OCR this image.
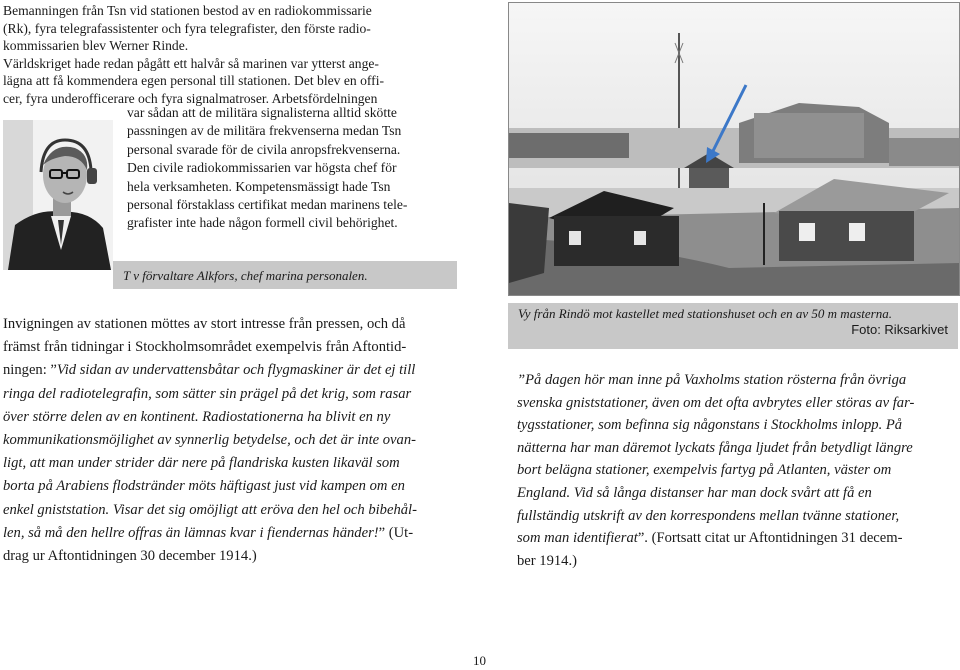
Bemanningen från Tsn vid stationen bestod av en radiokommissarie
(Rk), fyra telegrafassistenter och fyra telegrafister, den förste radio-
kommissarien blev Werner Rinde.
Världskriget hade redan pågått ett halvår så marinen var ytterst ange-
lägna att få kommendera egen personal till stationen. Det blev en offi-
cer, fyra underofficerare och fyra signalmatroser. Arbetsfördelningen
var sådan att de militära signalisterna alltid skötte
passningen av de militära frekvenserna medan Tsn
personal svarade för de civila anropsfrekvenserna.
Den civile radiokommissarien var högsta chef för
hela verksamheten. Kompetensmässigt hade Tsn
personal förstaklass certifikat medan marinens tele-
grafister inte hade någon formell civil behörighet.
T v förvaltare Alkfors, chef marina personalen.
Invigningen av stationen möttes av stort intresse från pressen, och då
främst från tidningar i Stockholmsområdet exempelvis från Aftontid-
ningen: ”Vid sidan av undervattensbåtar och flygmaskiner är det ej till
ringa del radiotelegrafin, som sätter sin prägel på det krig, som rasar
över större delen av en kontinent. Radiostationerna ha blivit en ny
kommunikationsmöjlighet av synnerlig betydelse, och det är inte ovan-
ligt, att man under strider där nere på flandriska kusten likaväl som
borta på Arabiens flodstränder möts häftigast just vid kampen om en
enkel gniststation. Visar det sig omöjligt att eröva den hel och bibehål-
len, så må den hellre offras än lämnas kvar i fiendernas händer!” (Ut-
drag ur Aftontidningen 30 december 1914.)
Vy från Rindö mot kastellet med stationshuset och en av 50 m masterna.
Foto: Riksarkivet
”På dagen hör man inne på Vaxholms station rösterna från övriga
svenska gniststationer, även om det ofta avbrytes eller störas av far-
tygsstationer, som befinna sig någonstans i Stockholms inlopp. På
nätterna har man däremot lyckats fånga ljudet från betydligt längre
bort belägna stationer, exempelvis fartyg på Atlanten, väster om
England. Vid så långa distanser har man dock svårt att få en
fullständig utskrift av den korrespondens mellan tvänne stationer,
som man identifierat”. (Fortsatt citat ur Aftontidningen 31 decem-
ber 1914.)
10
